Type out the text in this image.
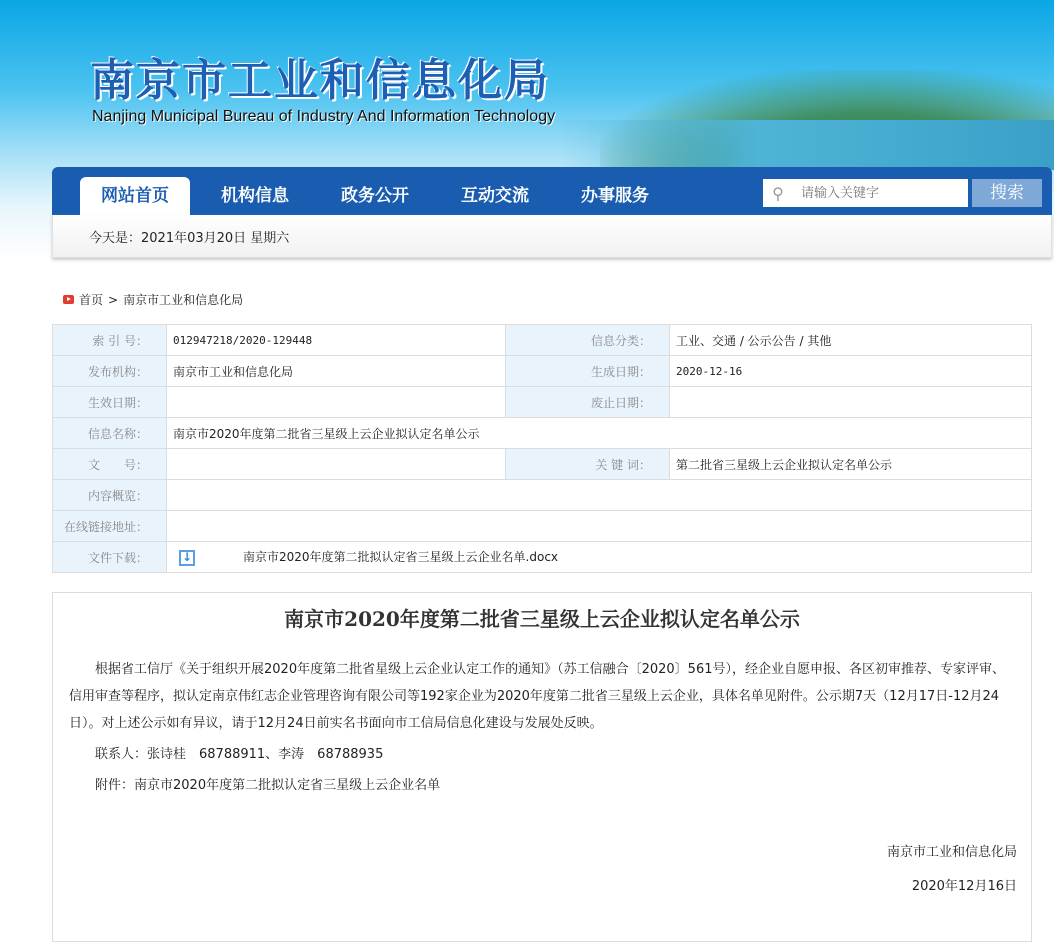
南京市工业和信息化局
Nanjing Municipal Bureau of Industry And Information Technology
网站首页	机构信息	政务公开	互动交流	办事服务	⚲
请输入关键字	搜索
今天是：2021年03月20日 星期六
首页 > 南京市工业和信息化局
索 引 号：	012947218/2020-129448	信息分类：	工业、交通 / 公示公告 / 其他
发布机构：	南京市工业和信息化局	生成日期：	2020-12-16
生效日期：		废止日期：	
信息名称：	南京市2020年度第二批省三星级上云企业拟认定名单公示		
文　　号：		关 键 词：	第二批省三星级上云企业拟认定名单公示
内容概览：			
在线链接地址：			
文件下载：	↓ 南京市2020年度第二批拟认定省三星级上云企业名单.docx		
南京市2020年度第二批省三星级上云企业拟认定名单公示

根据省工信厅《关于组织开展2020年度第二批省星级上云企业认定工作的通知》（苏工信融合〔2020〕561号），经企业自愿申报、各区初审推荐、专家评审、信用审查等程序，拟认定南京伟红志企业管理咨询有限公司等192家企业为2020年度第二批省三星级上云企业，具体名单见附件。公示期7天（12月17日-12月24日）。对上述公示如有异议，请于12月24日前实名书面向市工信局信息化建设与发展处反映。

联系人：张诗桂　68788911、李涛　68788935

附件：南京市2020年度第二批拟认定省三星级上云企业名单

南京市工业和信息化局
2020年12月16日
